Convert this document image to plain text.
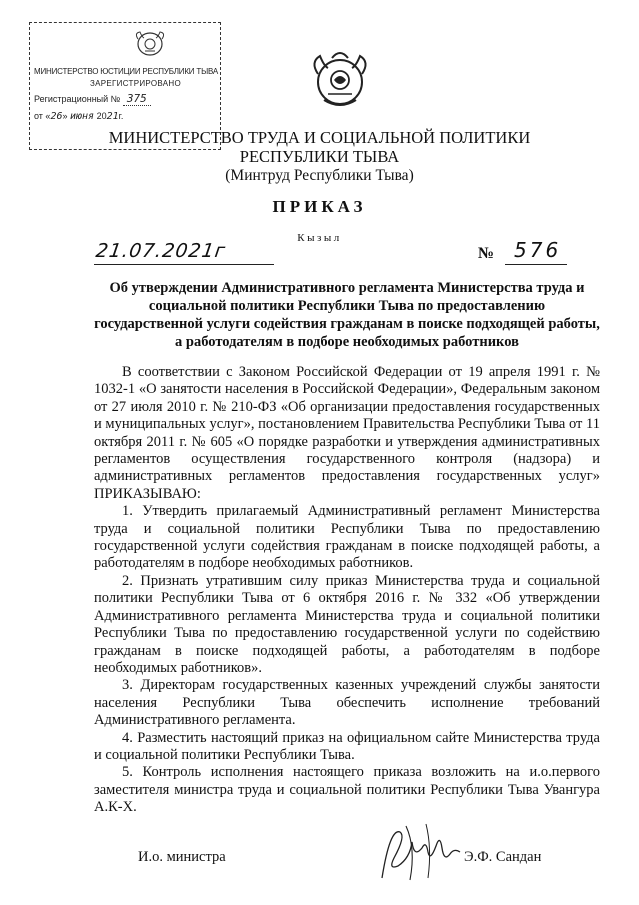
МИНИСТЕРСТВО ЮСТИЦИИ РЕСПУБЛИКИ ТЫВА
ЗАРЕГИСТРИРОВАНО
Регистрационный № 375
от «26» июня 2021г.
МИНИСТЕРСТВО ТРУДА И СОЦИАЛЬНОЙ ПОЛИТИКИ
РЕСПУБЛИКИ ТЫВА
(Минтруд Республики Тыва)
ПРИКАЗ
Кызыл
21.07.2021г	№ 576
Об утверждении Административного регламента Министерства труда и социальной политики Республики Тыва по предоставлению государственной услуги содействия гражданам в поиске подходящей работы, а работодателям в подборе необходимых работников

В соответствии с Законом Российской Федерации от 19 апреля 1991 г. № 1032-1 «О занятости населения в Российской Федерации», Федеральным законом от 27 июля 2010 г. № 210-ФЗ «Об организации предоставления государственных и муниципальных услуг», постановлением Правительства Республики Тыва от 11 октября 2011 г. № 605 «О порядке разработки и утверждения административных регламентов осуществления государственного контроля (надзора) и административных регламентов предоставления государственных услуг» ПРИКАЗЫВАЮ:

1. Утвердить прилагаемый Административный регламент Министерства труда и социальной политики Республики Тыва по предоставлению государственной услуги содействия гражданам в поиске подходящей работы, а работодателям в подборе необходимых работников.

2. Признать утратившим силу приказ Министерства труда и социальной политики Республики Тыва от 6 октября 2016 г. № 332 «Об утверждении Административного регламента Министерства труда и социальной политики Республики Тыва по предоставлению государственной услуги по содействию гражданам в поиске подходящей работы, а работодателям в подборе необходимых работников».

3. Директорам государственных казенных учреждений службы занятости населения Республики Тыва обеспечить исполнение требований Административного регламента.

4. Разместить настоящий приказ на официальном сайте Министерства труда и социальной политики Республики Тыва.

5. Контроль исполнения настоящего приказа возложить на и.о.первого заместителя министра труда и социальной политики Республики Тыва Увангура А.К-Х.

И.о. министра	Э.Ф. Сандан
